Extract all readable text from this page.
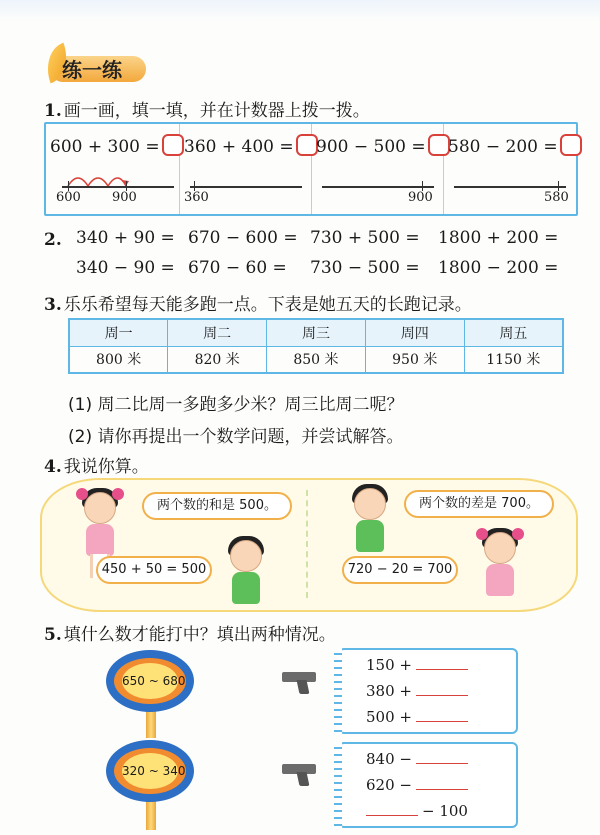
练一练
1. 画一画，填一填，并在计数器上拨一拨。
600 + 300 =
600 900
360 + 400 =
360
900 − 500 =
900
580 − 200 =
580
2. 340 + 90 = 670 − 600 = 730 + 500 = 1800 + 200 =
340 − 90 = 670 − 60 = 730 − 500 = 1800 − 200 =
3. 乐乐希望每天能多跑一点。下表是她五天的长跑记录。
周一	周二	周三	周四	周五
800 米	820 米	850 米	950 米	1150 米
(1) 周二比周一多跑多少米？周三比周二呢？
(2) 请你再提出一个数学问题，并尝试解答。
4. 我说你算。
两个数的和是 500。
450 + 50 = 500
两个数的差是 700。
720 − 20 = 700
5. 填什么数才能打中？填出两种情况。
650 ~ 680
320 ~ 340
150 +
380 +
500 +
840 −
620 −
− 100
